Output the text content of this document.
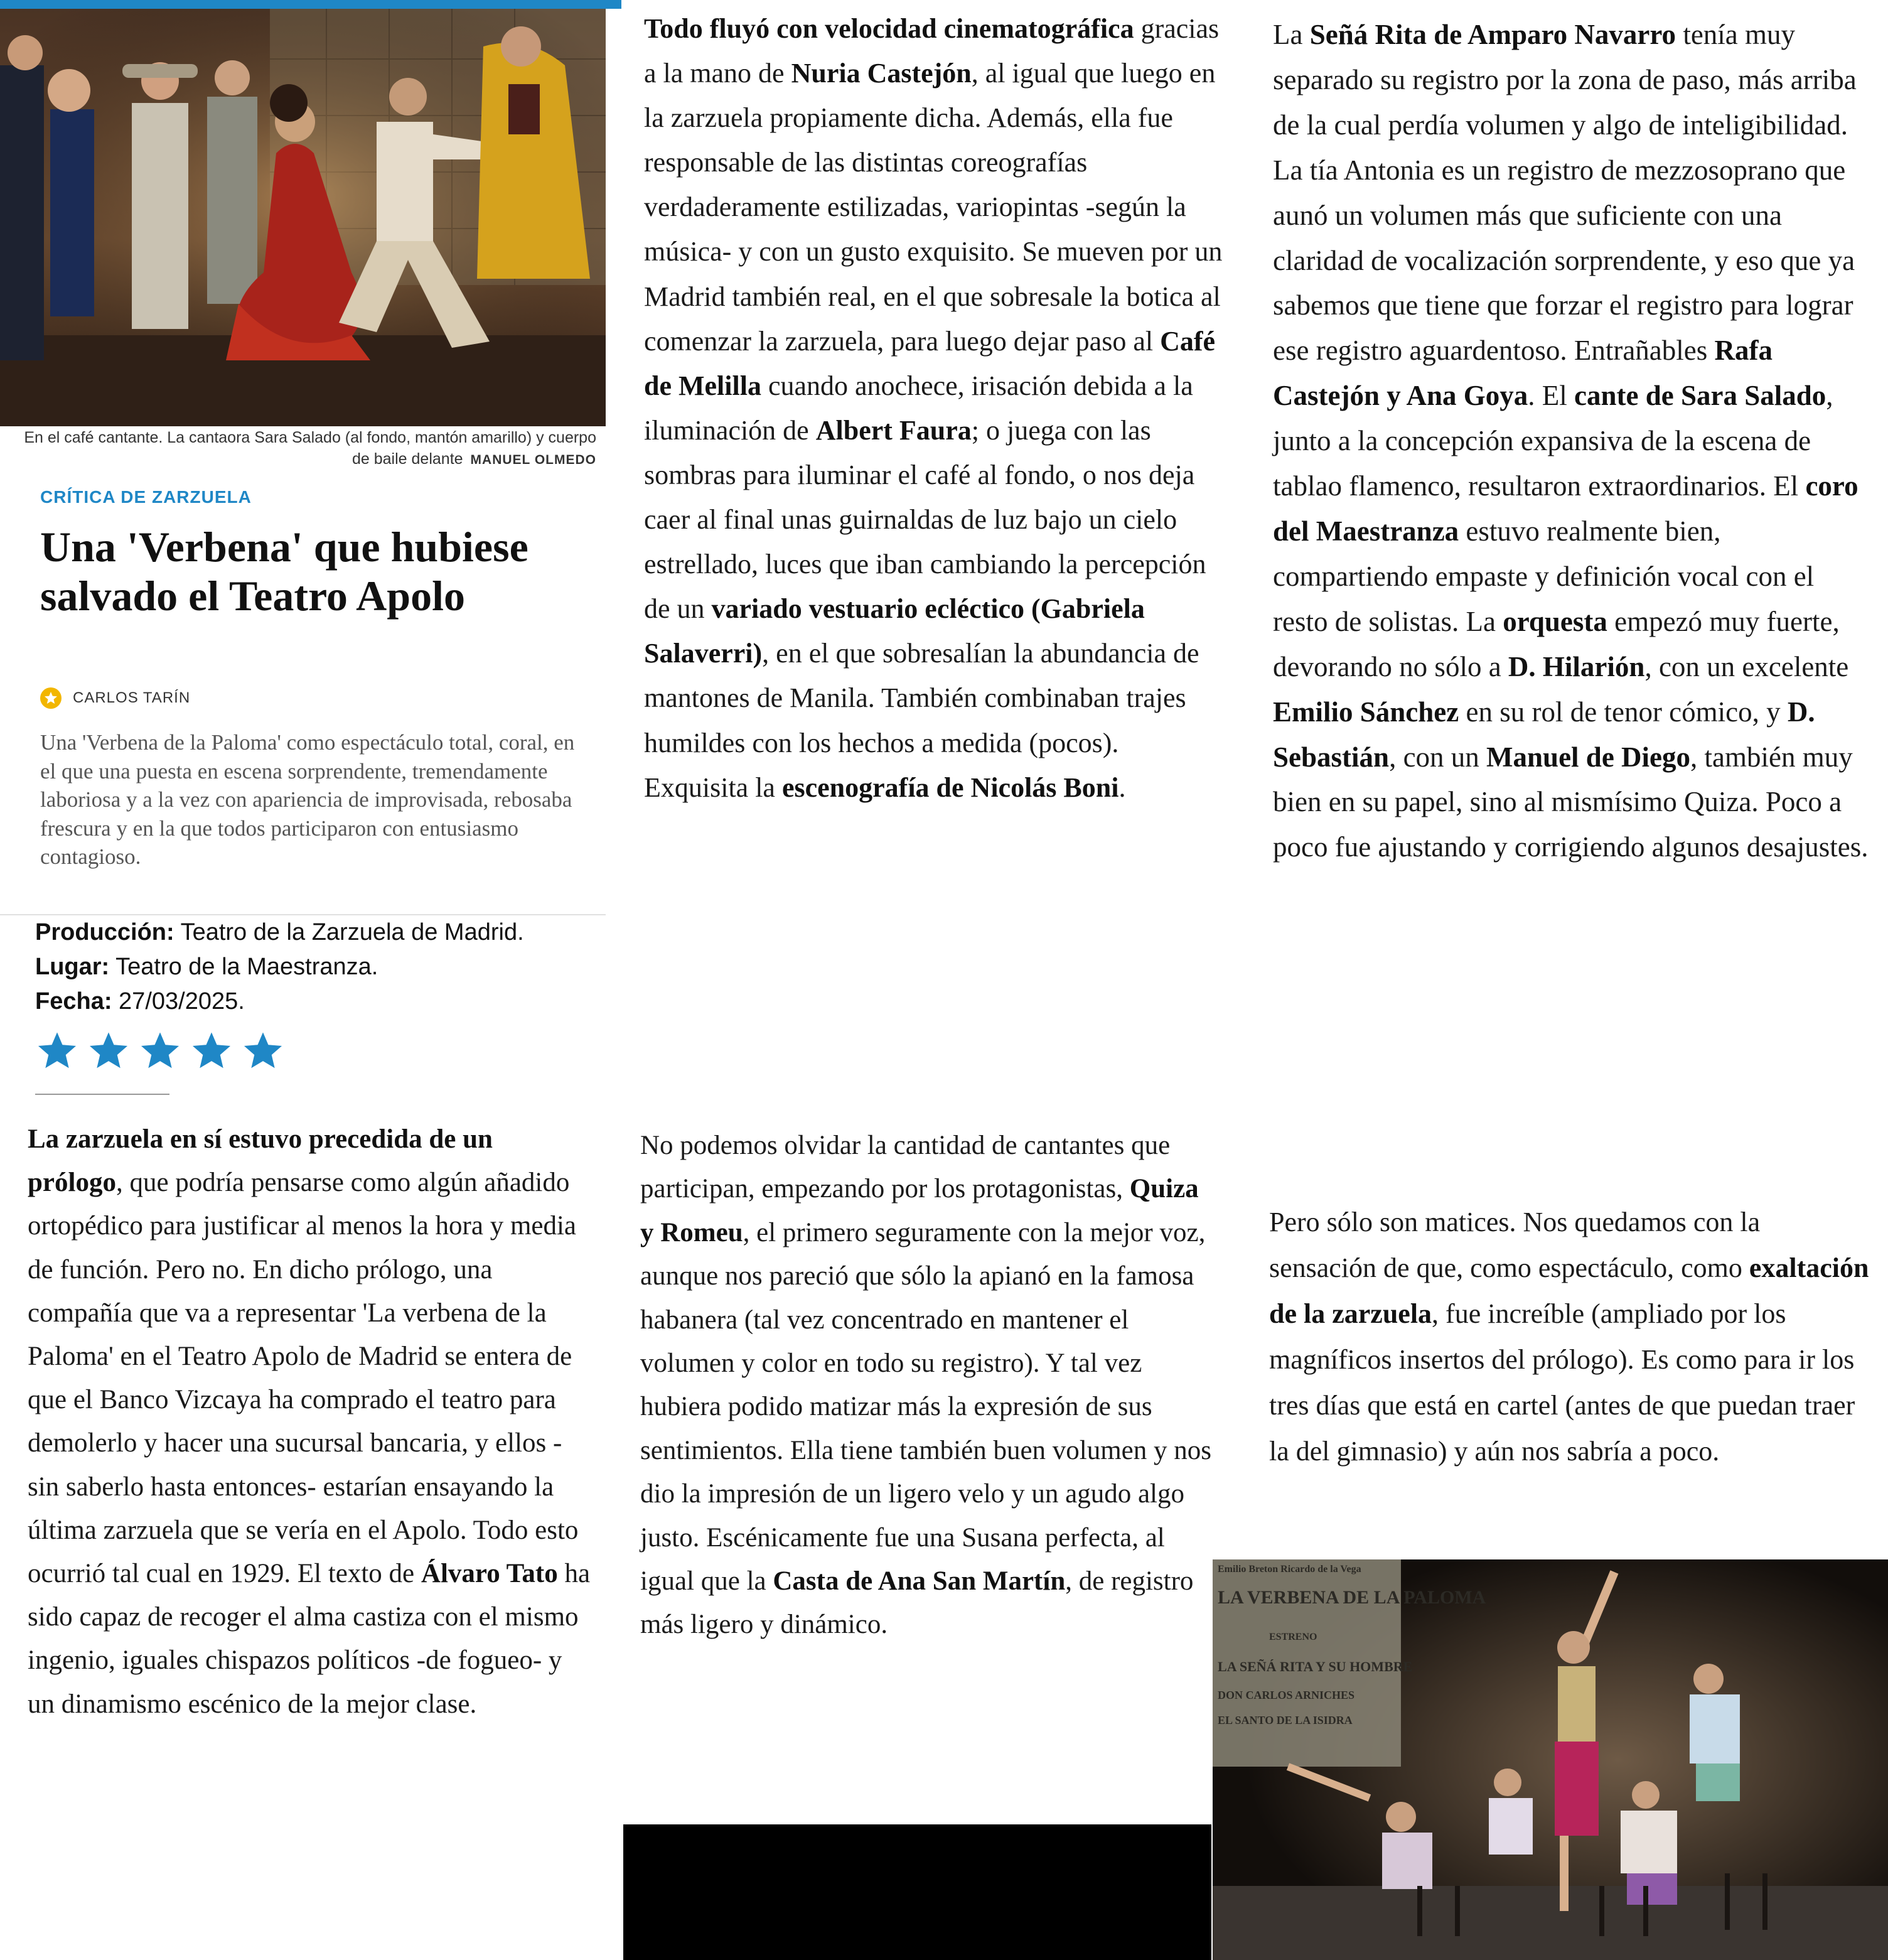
En el café cantante. La cantaora Sara Salado (al fondo, mantón amarillo) y cuerpo de baile delante MANUEL OLMEDO
CRÍTICA DE ZARZUELA
Una 'Verbena' que hubiese salvado el Teatro Apolo
CARLOS TARÍN
Una 'Verbena de la Paloma' como espectáculo total, coral, en el que una puesta en escena sorprendente, tremendamente laboriosa y a la vez con apariencia de improvisada, rebosaba frescura y en la que todos participaron con entusiasmo contagioso.
Producción: Teatro de la Zarzuela de Madrid. Lugar: Teatro de la Maestranza.
Fecha: 27/03/2025.
La zarzuela en sí estuvo precedida de un prólogo, que podría pensarse como algún añadido ortopédico para justificar al menos la hora y media de función. Pero no. En dicho prólogo, una compañía que va a representar 'La verbena de la Paloma' en el Teatro Apolo de Madrid se entera de que el Banco Vizcaya ha comprado el teatro para demolerlo y hacer una sucursal bancaria, y ellos -sin saberlo hasta entonces- estarían ensayando la última zarzuela que se vería en el Apolo. Todo esto ocurrió tal cual en 1929. El texto de Álvaro Tato ha sido capaz de recoger el alma castiza con el mismo ingenio, iguales chispazos políticos -de fogueo- y un dinamismo escénico de la mejor clase.
Todo fluyó con velocidad cinematográfica gracias a la mano de Nuria Castejón, al igual que luego en la zarzuela propiamente dicha. Además, ella fue responsable de las distintas coreografías verdaderamente estilizadas, variopintas -según la música- y con un gusto exquisito. Se mueven por un Madrid también real, en el que sobresale la botica al comenzar la zarzuela, para luego dejar paso al Café de Melilla cuando anochece, irisación debida a la iluminación de Albert Faura; o juega con las sombras para iluminar el café al fondo, o nos deja caer al final unas guirnaldas de luz bajo un cielo estrellado, luces que iban cambiando la percepción de un variado vestuario ecléctico (Gabriela Salaverri), en el que sobresalían la abundancia de mantones de Manila. También combinaban trajes humildes con los hechos a medida (pocos). Exquisita la escenografía de Nicolás Boni.
No podemos olvidar la cantidad de cantantes que participan, empezando por los protagonistas, Quiza y Romeu, el primero seguramente con la mejor voz, aunque nos pareció que sólo la apianó en la famosa habanera (tal vez concentrado en mantener el volumen y color en todo su registro). Y tal vez hubiera podido matizar más la expresión de sus sentimientos. Ella tiene también buen volumen y nos dio la impresión de un ligero velo y un agudo algo justo. Escénicamente fue una Susana perfecta, al igual que la Casta de Ana San Martín, de registro más ligero y dinámico.
La Señá Rita de Amparo Navarro tenía muy separado su registro por la zona de paso, más arriba de la cual perdía volumen y algo de inteligibilidad. La tía Antonia es un registro de mezzosoprano que aunó un volumen más que suficiente con una claridad de vocalización sorprendente, y eso que ya sabemos que tiene que forzar el registro para lograr ese registro aguardentoso. Entrañables Rafa Castejón y Ana Goya. El cante de Sara Salado, junto a la concepción expansiva de la escena de tablao flamenco, resultaron extraordinarios. El coro del Maestranza estuvo realmente bien, compartiendo empaste y definición vocal con el resto de solistas. La orquesta empezó muy fuerte, devorando no sólo a D. Hilarión, con un excelente Emilio Sánchez en su rol de tenor cómico, y D. Sebastián, con un Manuel de Diego, también muy bien en su papel, sino al mismísimo Quiza. Poco a poco fue ajustando y corrigiendo algunos desajustes.
Pero sólo son matices. Nos quedamos con la sensación de que, como espectáculo, como exaltación de la zarzuela, fue increíble (ampliado por los magníficos insertos del prólogo). Es como para ir los tres días que está en cartel (antes de que puedan traer la del gimnasio) y aún nos sabría a poco.
Emilio Breton Ricardo de la Vega
LA VERBENA DE LA PALOMA
ESTRENO
LA SEÑÁ RITA Y SU HOMBRE
DON CARLOS ARNICHES
EL SANTO DE LA ISIDRA
